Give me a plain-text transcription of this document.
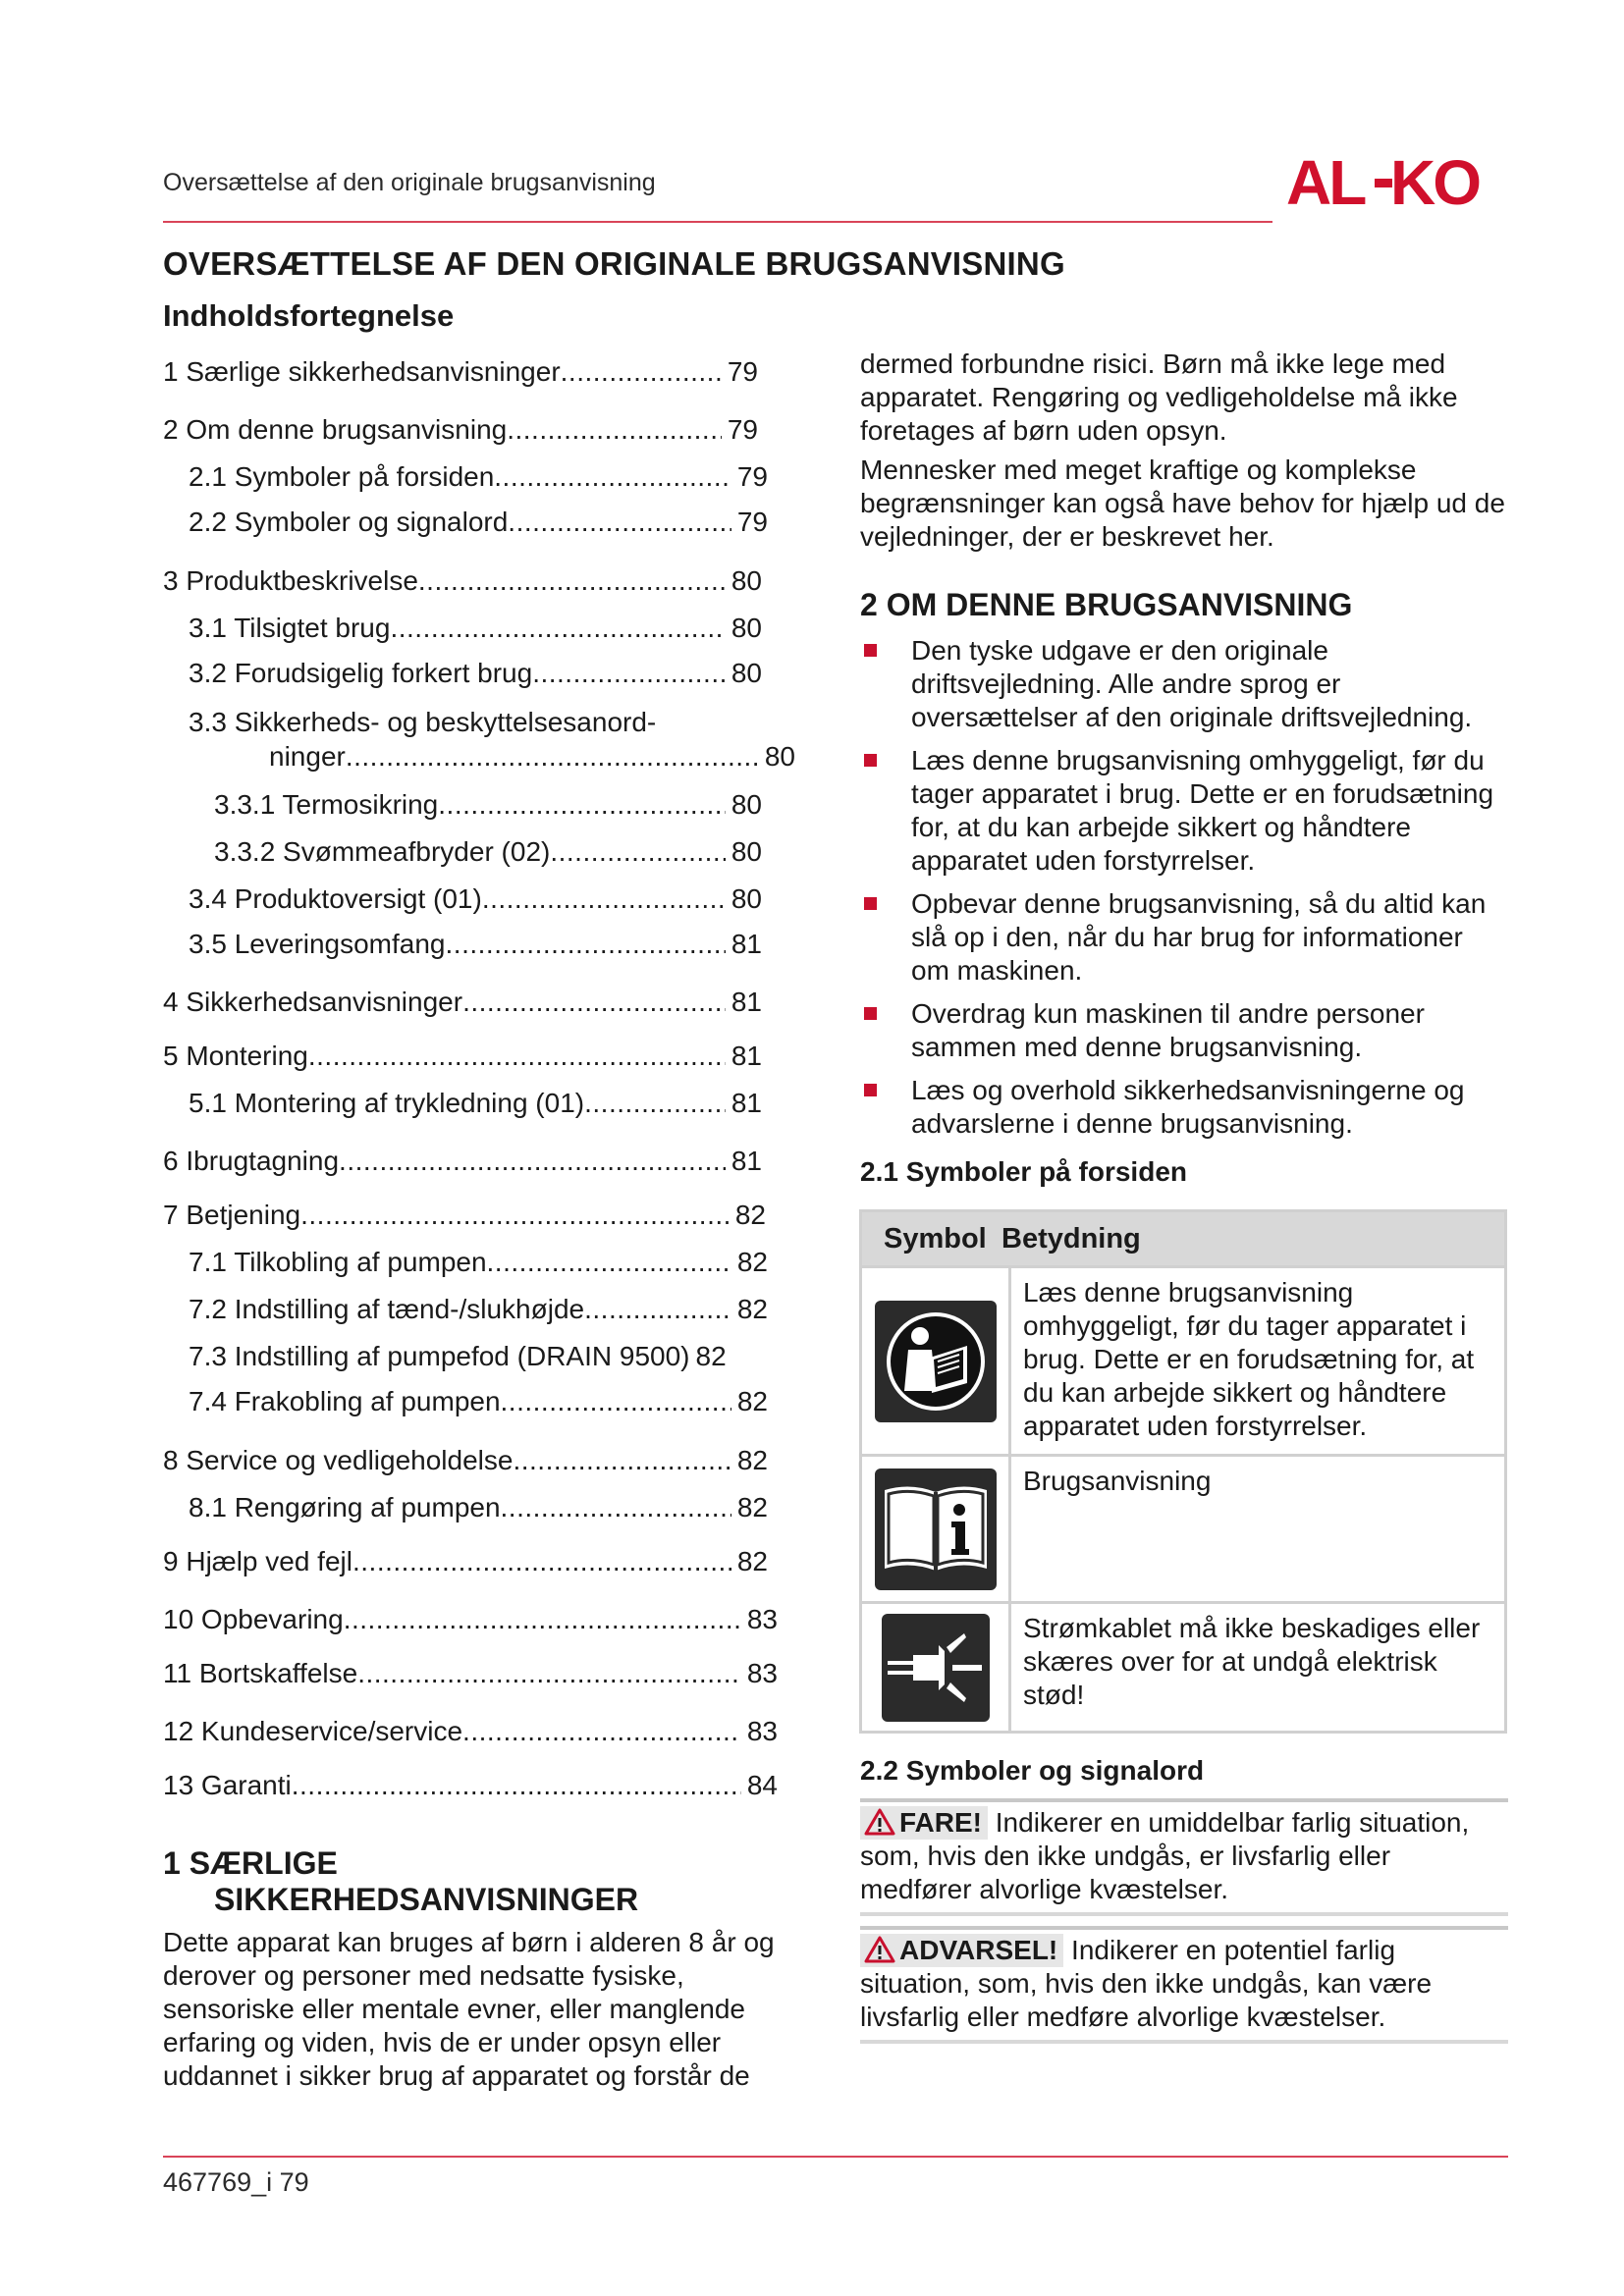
Oversættelse af den originale brugsanvisning	AL KO
OVERSÆTTELSE AF DEN ORIGINALE BRUGSANVISNING
Indholdsfortegnelse
1 Særlige sikkerhedsanvisninger .....	79
2 Om denne brugsanvisning .....	79
2.1 Symboler på forsiden .....	79
2.2 Symboler og signalord .....	79
3 Produktbeskrivelse .....	80
3.1 Tilsigtet brug .....	80
3.2 Forudsigelig forkert brug .....	80
3.3 Sikkerheds- og beskyttelsesanord-
ninger .....	80
3.3.1 Termosikring .....	80
3.3.2 Svømmeafbryder (02) .....	80
3.4 Produktoversigt (01) .....	80
3.5 Leveringsomfang .....	81
4 Sikkerhedsanvisninger .....	81
5 Montering .....	81
5.1 Montering af trykledning (01) .....	81
6 Ibrugtagning .....	81
7 Betjening .....	82
7.1 Tilkobling af pumpen .....	82
7.2 Indstilling af tænd-/slukhøjde .....	82
7.3 Indstilling af pumpefod (DRAIN 9500) 82
7.4 Frakobling af pumpen .....	82
8 Service og vedligeholdelse .....	82
8.1 Rengøring af pumpen .....	82
9 Hjælp ved fejl .....	82
10 Opbevaring .....	83
11 Bortskaffelse .....	83
12 Kundeservice/service .....	83
13 Garanti .....	84
1 SÆRLIGE
SIKKERHEDSANVISNINGER

Dette apparat kan bruges af børn i alderen 8 år og derover og personer med nedsatte fysiske, sensoriske eller mentale evner, eller manglende erfaring og viden, hvis de er under opsyn eller uddannet i sikker brug af apparatet og forstår de

dermed forbundne risici. Børn må ikke lege med apparatet. Rengøring og vedligeholdelse må ikke foretages af børn uden opsyn.

Mennesker med meget kraftige og komplekse begrænsninger kan også have behov for hjælp ud de vejledninger, der er beskrevet her.

2 OM DENNE BRUGSANVISNING
Den tyske udgave er den originale driftsvejledning. Alle andre sprog er oversættelser af den originale driftsvejledning.
Læs denne brugsanvisning omhyggeligt, før du tager apparatet i brug. Dette er en forudsætning for, at du kan arbejde sikkert og håndtere apparatet uden forstyrrelser.
Opbevar denne brugsanvisning, så du altid kan slå op i den, når du har brug for informationer om maskinen.
Overdrag kun maskinen til andre personer sammen med denne brugsanvisning.
Læs og overhold sikkerhedsanvisningerne og advarslerne i denne brugsanvisning.
2.1 Symboler på forsiden
Symbol Betydning
Læs denne brugsanvisning omhyggeligt, før du tager apparatet i brug. Dette er en forudsætning for, at du kan arbejde sikkert og håndtere apparatet uden forstyrrelser.
Brugsanvisning
Strømkablet må ikke beskadiges eller skæres over for at undgå elektrisk stød!
2.2 Symboler og signalord
FARE! Indikerer en umiddelbar farlig situation, som, hvis den ikke undgås, er livsfarlig eller medfører alvorlige kvæstelser.
ADVARSEL! Indikerer en potentiel farlig situation, som, hvis den ikke undgås, kan være livsfarlig eller medføre alvorlige kvæstelser.
467769_i 79
